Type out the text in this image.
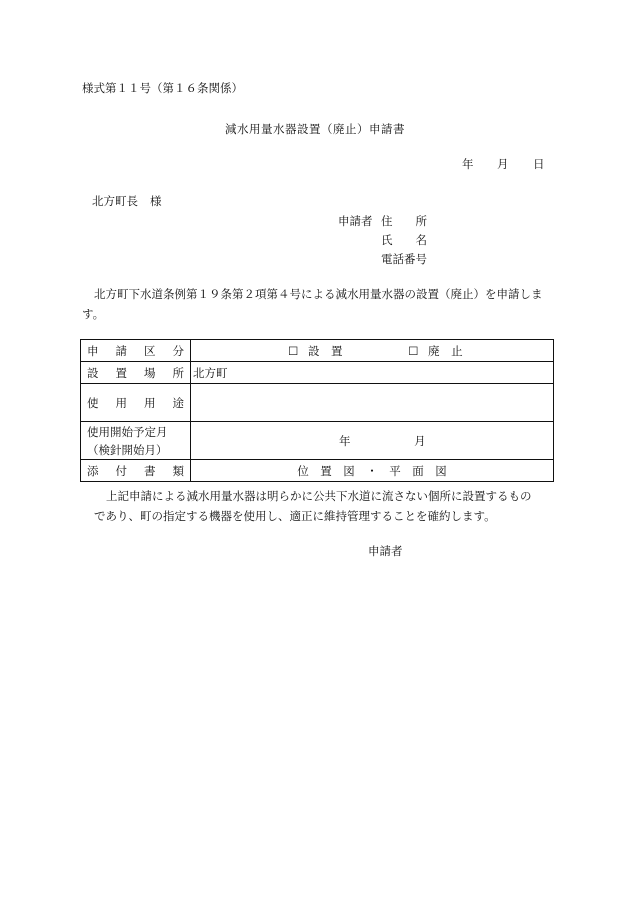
様式第１１号（第１６条関係）
減水用量水器設置（廃止）申請書
年 月 日
北方町長 様
申請者 住　　所
氏　　名
電話番号
北方町下水道条例第１９条第２項第４号による減水用量水器の設置（廃止）を申請します。
申 請 区 分	☐ 設　置 ☐ 廃　止

設 置 場 所	北方町

使 用 用 途	

使用開始予定月
（検針開始月）	年 月

添 付 書 類	位　置　図　・　平　面　図
上記申請による減水用量水器は明らかに公共下水道に流さない個所に設置するもの
であり、町の指定する機器を使用し、適正に維持管理することを確約します。
申請者
